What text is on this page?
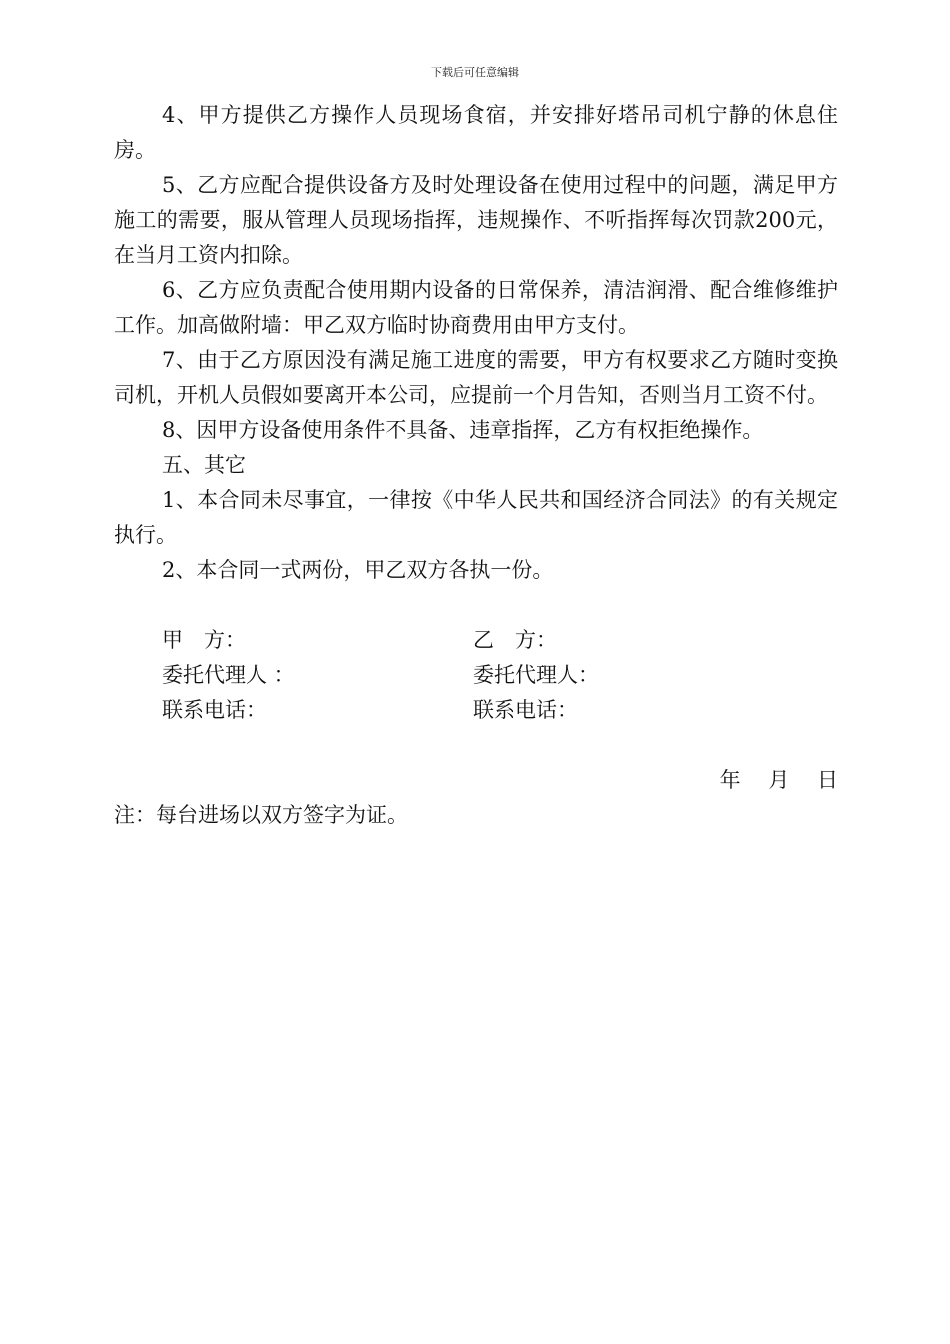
下载后可任意编辑

4、甲方提供乙方操作人员现场食宿，并安排好塔吊司机宁静的休息住房。

5、乙方应配合提供设备方及时处理设备在使用过程中的问题，满足甲方施工的需要，服从管理人员现场指挥，违规操作、不听指挥每次罚款200元，在当月工资内扣除。

6、乙方应负责配合使用期内设备的日常保养，清洁润滑、配合维修维护工作。加高做附墙：甲乙双方临时协商费用由甲方支付。

7、由于乙方原因没有满足施工进度的需要，甲方有权要求乙方随时变换司机，开机人员假如要离开本公司，应提前一个月告知，否则当月工资不付。

8、因甲方设备使用条件不具备、违章指挥，乙方有权拒绝操作。

五、其它

1、本合同未尽事宜，一律按《中华人民共和国经济合同法》的有关规定执行。

2、本合同一式两份，甲乙双方各执一份。

甲　方：	乙　方：
委托代理人 ：	委托代理人：
联系电话：	联系电话：
年　 月　 日

注：每台进场以双方签字为证。
